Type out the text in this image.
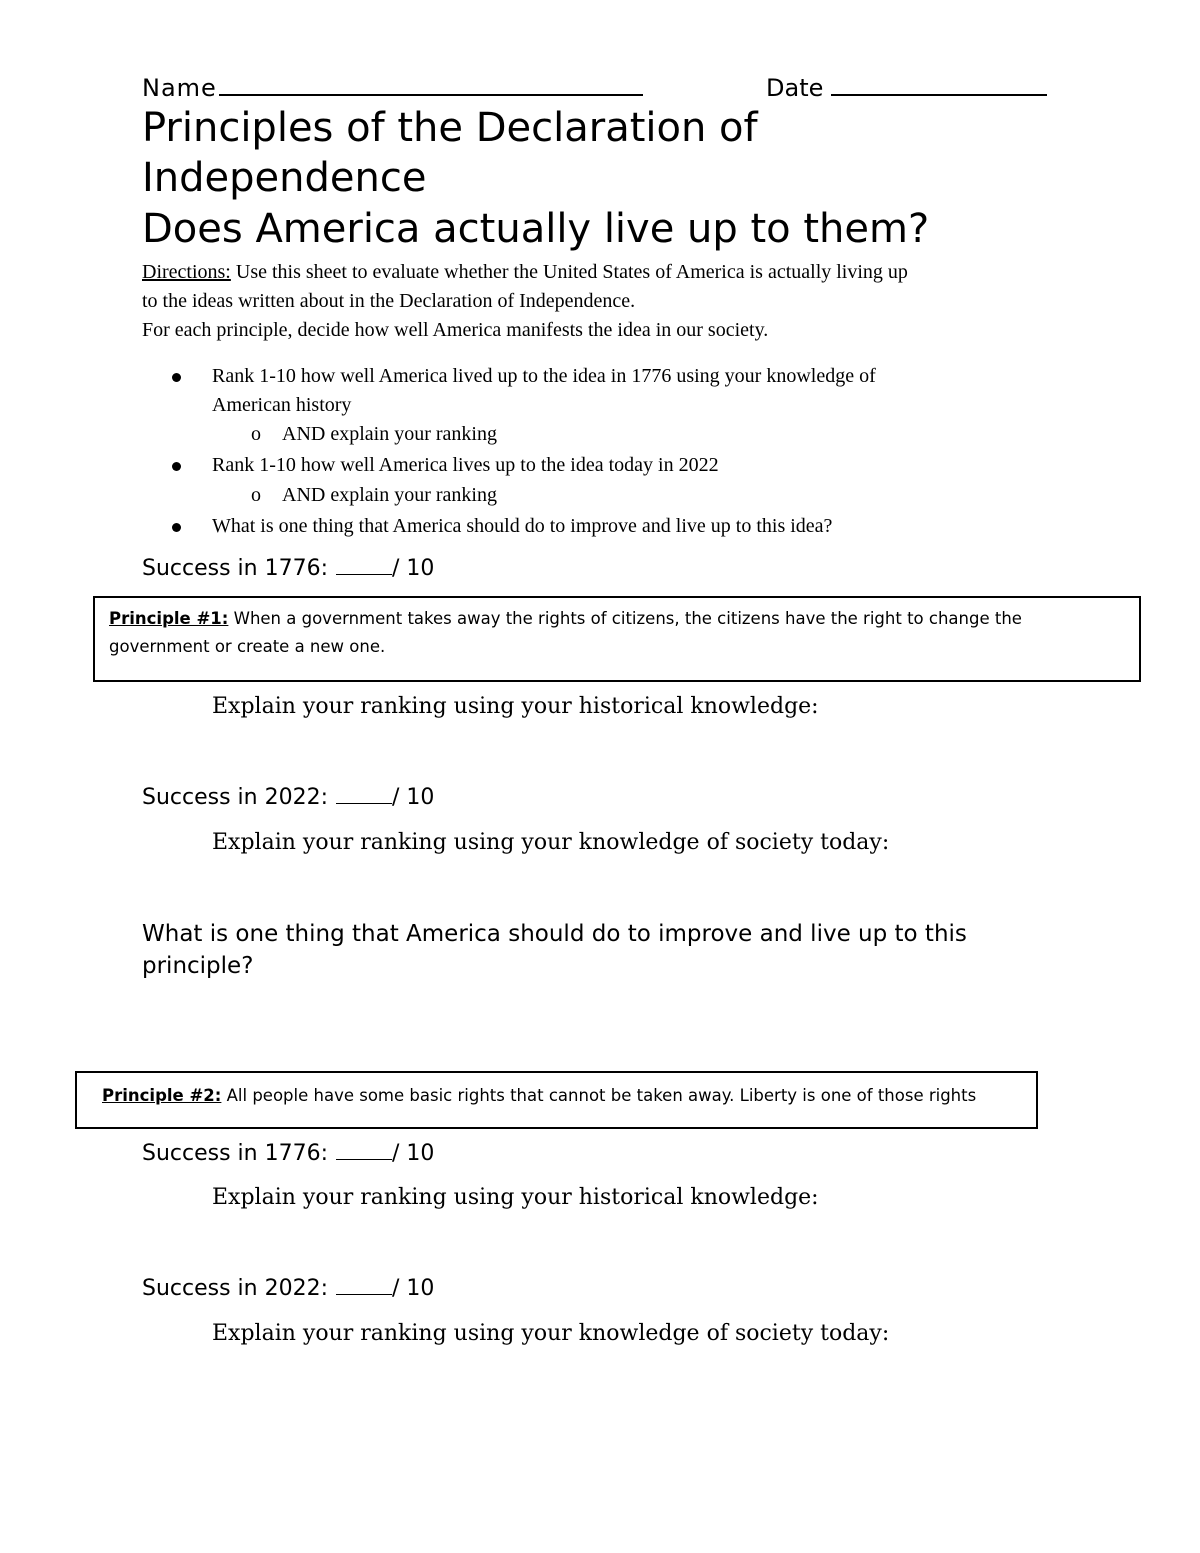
Name	Date
Principles of the Declaration of
Independence
Does America actually live up to them?
Directions: Use this sheet to evaluate whether the United States of America is actually living up
to the ideas written about in the Declaration of Independence.
For each principle, decide how well America manifests the idea in our society.
Rank 1-10 how well America lived up to the idea in 1776 using your knowledge of
American history
o AND explain your ranking
Rank 1-10 how well America lives up to the idea today in 2022
o AND explain your ranking
What is one thing that America should do to improve and live up to this idea?
Success in 1776:	/ 10
Principle #1: When a government takes away the rights of citizens, the citizens have the right to change the
government or create a new one.
Explain your ranking using your historical knowledge:
Success in 2022:	/ 10
Explain your ranking using your knowledge of society today:
What is one thing that America should do to improve and live up to this principle?
Principle #2: All people have some basic rights that cannot be taken away. Liberty is one of those rights
Success in 1776:	/ 10
Explain your ranking using your historical knowledge:
Success in 2022:	/ 10
Explain your ranking using your knowledge of society today:
